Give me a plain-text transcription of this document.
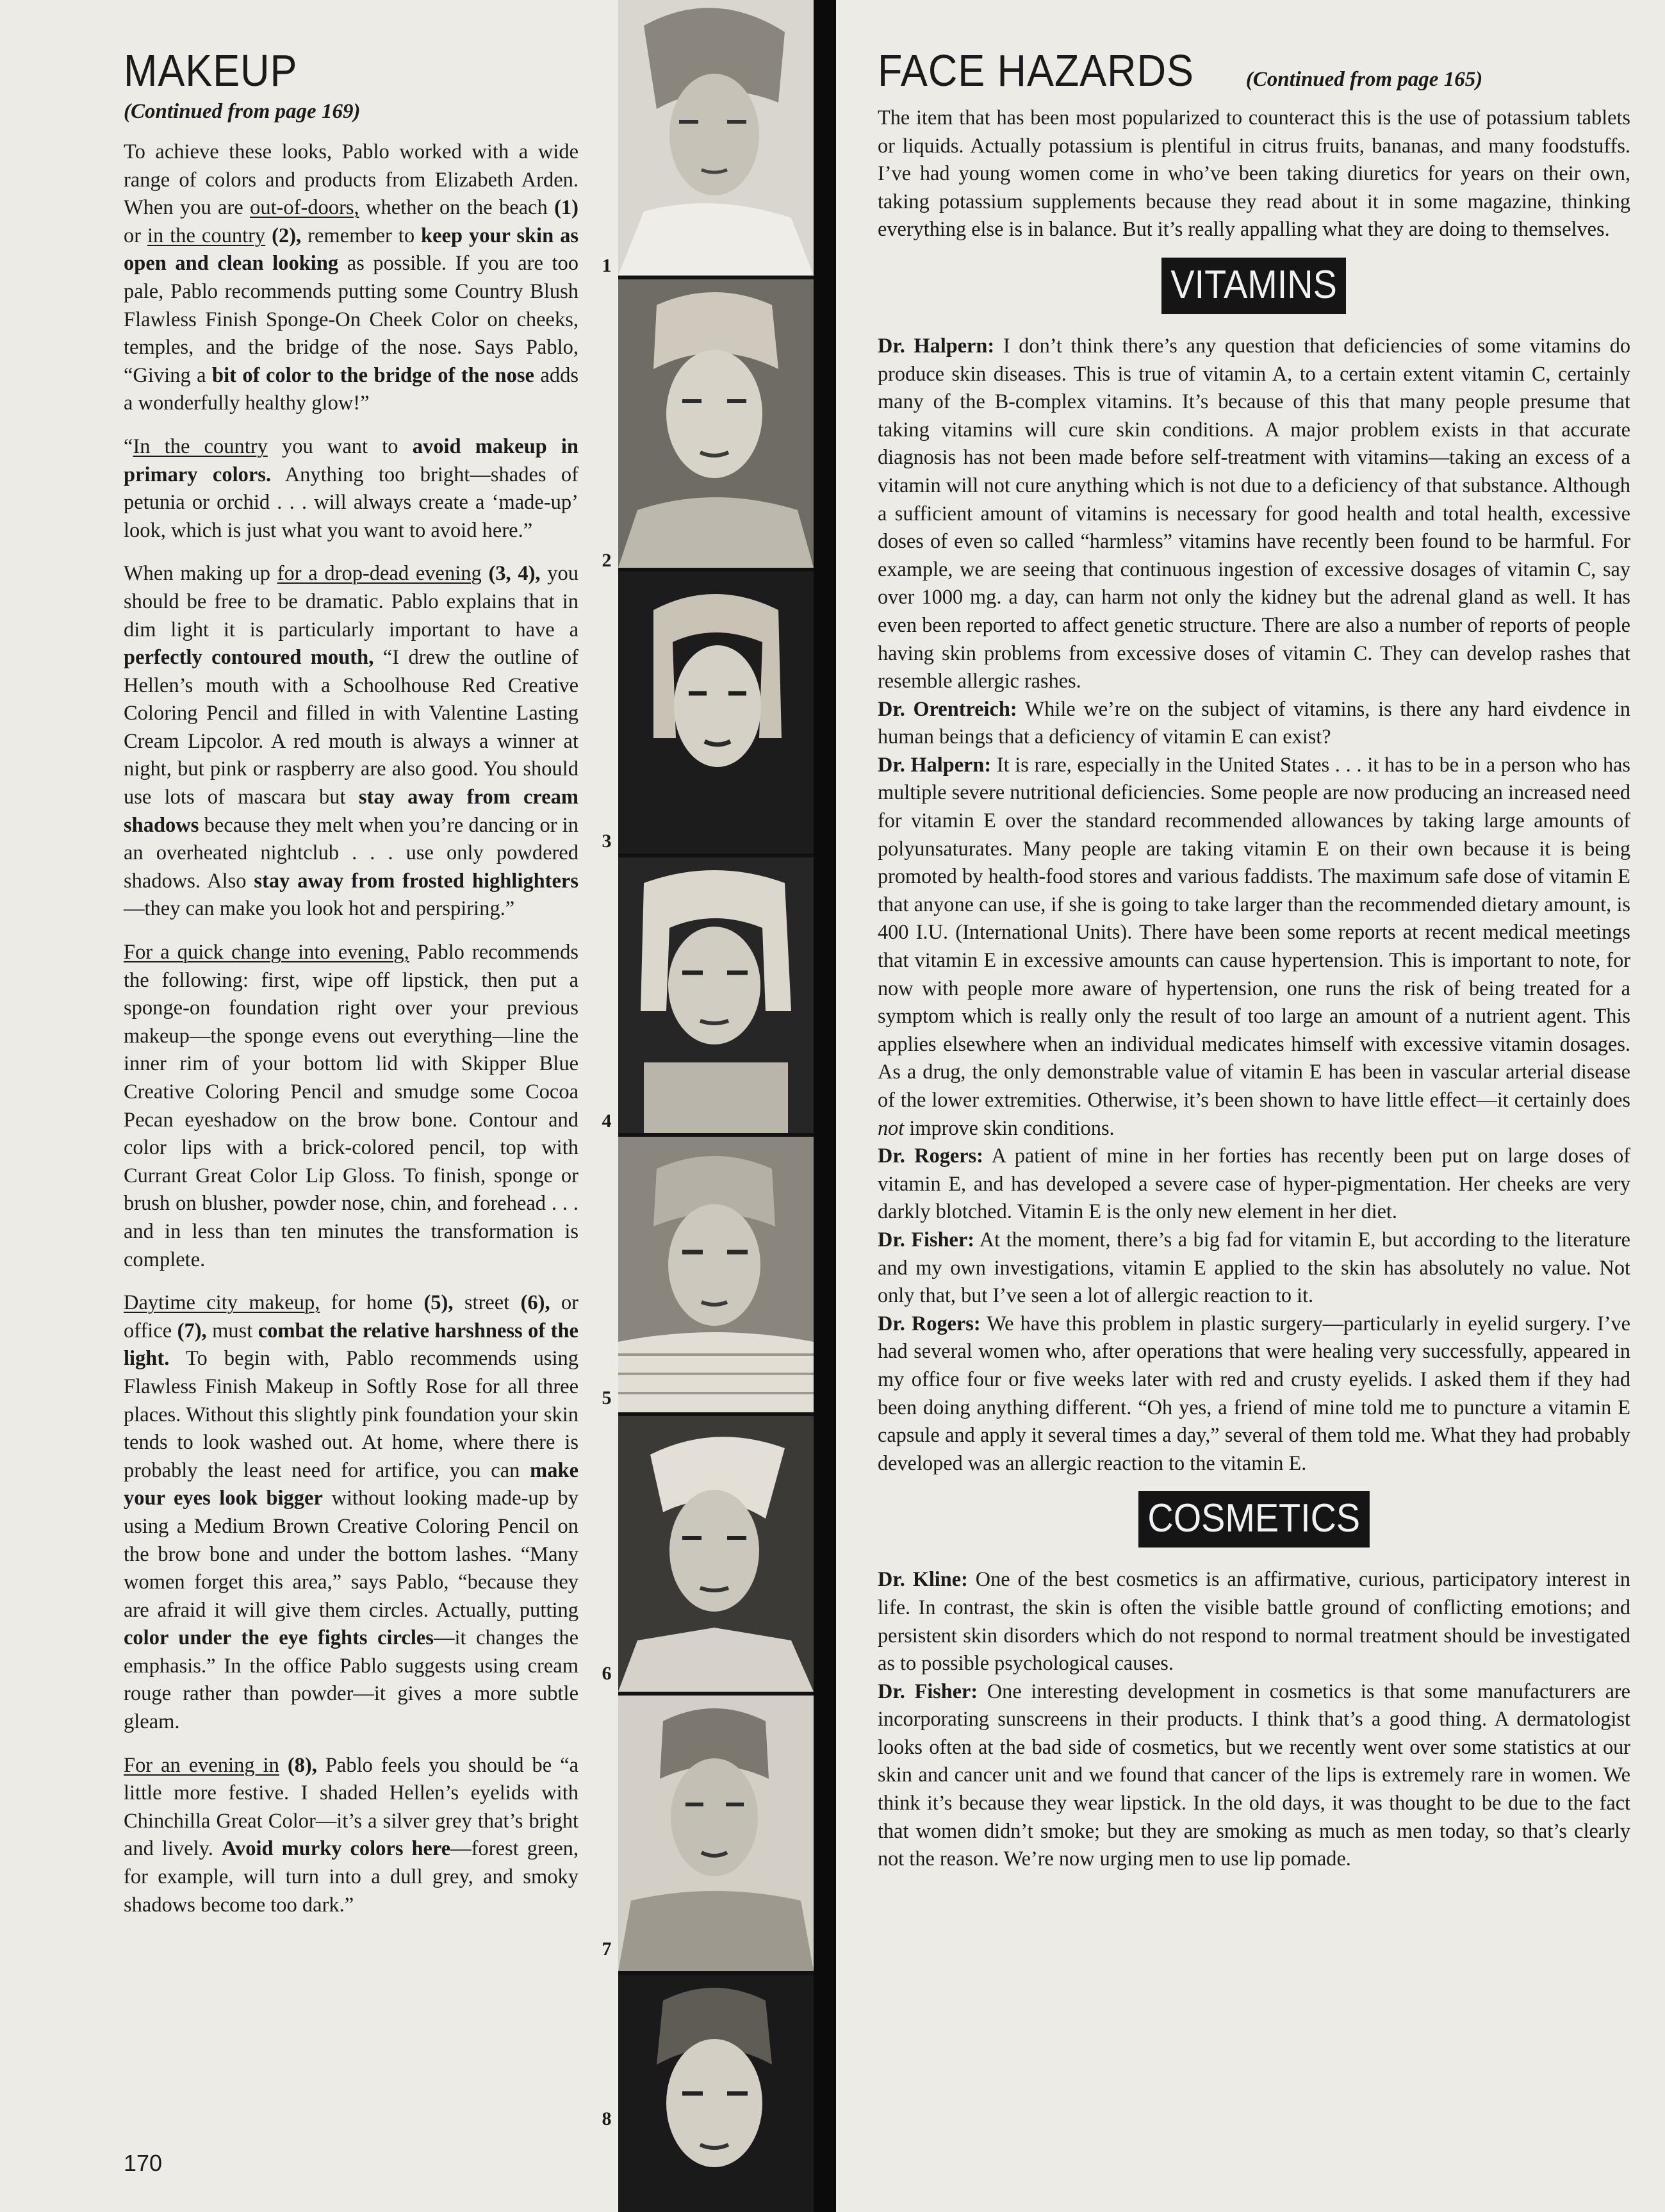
MAKEUP
(Continued from page 169)

To achieve these looks, Pablo worked with a wide range of colors and products from Elizabeth Arden. When you are out-of-doors, whether on the beach (1) or in the country (2), remember to keep your skin as open and clean looking as possible. If you are too pale, Pablo recommends putting some Country Blush Flawless Finish Sponge-On Cheek Color on cheeks, temples, and the bridge of the nose. Says Pablo, “Giving a bit of color to the bridge of the nose adds a wonderfully healthy glow!”

“In the country you want to avoid makeup in primary colors. Anything too bright—shades of petunia or orchid . . . will always create a ‘made-up’ look, which is just what you want to avoid here.”

When making up for a drop-dead evening (3, 4), you should be free to be dramatic. Pablo explains that in dim light it is particularly important to have a perfectly contoured mouth, “I drew the outline of Hellen’s mouth with a Schoolhouse Red Creative Coloring Pencil and filled in with Valentine Lasting Cream Lipcolor. A red mouth is always a winner at night, but pink or raspberry are also good. You should use lots of mascara but stay away from cream shadows because they melt when you’re dancing or in an overheated nightclub . . . use only powdered shadows. Also stay away from frosted highlighters—they can make you look hot and perspiring.”

For a quick change into evening, Pablo recommends the following: first, wipe off lipstick, then put a sponge-on foundation right over your previous makeup—the sponge evens out everything—line the inner rim of your bottom lid with Skipper Blue Creative Coloring Pencil and smudge some Cocoa Pecan eyeshadow on the brow bone. Contour and color lips with a brick-colored pencil, top with Currant Great Color Lip Gloss. To finish, sponge or brush on blusher, powder nose, chin, and forehead . . . and in less than ten minutes the transformation is complete.

Daytime city makeup, for home (5), street (6), or office (7), must combat the relative harshness of the light. To begin with, Pablo recommends using Flawless Finish Makeup in Softly Rose for all three places. Without this slightly pink foundation your skin tends to look washed out. At home, where there is probably the least need for artifice, you can make your eyes look bigger without looking made-up by using a Medium Brown Creative Coloring Pencil on the brow bone and under the bottom lashes. “Many women forget this area,” says Pablo, “because they are afraid it will give them circles. Actually, putting color under the eye fights circles—it changes the emphasis.” In the office Pablo suggests using cream rouge rather than powder—it gives a more subtle gleam.

For an evening in (8), Pablo feels you should be “a little more festive. I shaded Hellen’s eyelids with Chinchilla Great Color—it’s a silver grey that’s bright and lively. Avoid murky colors here—forest green, for example, will turn into a dull grey, and smoky shadows become too dark.”

170
1
2
3
4
5
6
7
8
FACE HAZARDS (Continued from page 165)

The item that has been most popularized to counteract this is the use of potassium tablets or liquids. Actually potassium is plentiful in citrus fruits, bananas, and many foodstuffs. I’ve had young women come in who’ve been taking diuretics for years on their own, taking potassium supplements because they read about it in some magazine, thinking everything else is in balance. But it’s really appalling what they are doing to themselves.

VITAMINS

Dr. Halpern: I don’t think there’s any question that deficiencies of some vitamins do produce skin diseases. This is true of vitamin A, to a certain extent vitamin C, certainly many of the B-complex vitamins. It’s because of this that many people presume that taking vitamins will cure skin conditions. A major problem exists in that accurate diagnosis has not been made before self-treatment with vitamins—taking an excess of a vitamin will not cure anything which is not due to a deficiency of that substance. Although a sufficient amount of vitamins is necessary for good health and total health, excessive doses of even so called “harmless” vitamins have recently been found to be harmful. For example, we are seeing that continuous ingestion of excessive dosages of vitamin C, say over 1000 mg. a day, can harm not only the kidney but the adrenal gland as well. It has even been reported to affect genetic structure. There are also a number of reports of people having skin problems from excessive doses of vitamin C. They can develop rashes that resemble allergic rashes.

Dr. Orentreich: While we’re on the subject of vitamins, is there any hard eivdence in human beings that a deficiency of vitamin E can exist?

Dr. Halpern: It is rare, especially in the United States . . . it has to be in a person who has multiple severe nutritional deficiencies. Some people are now producing an increased need for vitamin E over the standard recommended allowances by taking large amounts of polyunsaturates. Many people are taking vitamin E on their own because it is being promoted by health-food stores and various faddists. The maximum safe dose of vitamin E that anyone can use, if she is going to take larger than the recommended dietary amount, is 400 I.U. (International Units). There have been some reports at recent medical meetings that vitamin E in excessive amounts can cause hypertension. This is important to note, for now with people more aware of hypertension, one runs the risk of being treated for a symptom which is really only the result of too large an amount of a nutrient agent. This applies elsewhere when an individual medicates himself with excessive vitamin dosages. As a drug, the only demonstrable value of vitamin E has been in vascular arterial disease of the lower extremities. Otherwise, it’s been shown to have little effect—it certainly does not improve skin conditions.

Dr. Rogers: A patient of mine in her forties has recently been put on large doses of vitamin E, and has developed a severe case of hyper-pigmentation. Her cheeks are very darkly blotched. Vitamin E is the only new element in her diet.

Dr. Fisher: At the moment, there’s a big fad for vitamin E, but according to the literature and my own investigations, vitamin E applied to the skin has absolutely no value. Not only that, but I’ve seen a lot of allergic reaction to it.

Dr. Rogers: We have this problem in plastic surgery—particularly in eyelid surgery. I’ve had several women who, after operations that were healing very successfully, appeared in my office four or five weeks later with red and crusty eyelids. I asked them if they had been doing anything different. “Oh yes, a friend of mine told me to puncture a vitamin E capsule and apply it several times a day,” several of them told me. What they had probably developed was an allergic reaction to the vitamin E.

COSMETICS

Dr. Kline: One of the best cosmetics is an affirmative, curious, participatory interest in life. In contrast, the skin is often the visible battle ground of conflicting emotions; and persistent skin disorders which do not respond to normal treatment should be investigated as to possible psychological causes.

Dr. Fisher: One interesting development in cosmetics is that some manufacturers are incorporating sunscreens in their products. I think that’s a good thing. A dermatologist looks often at the bad side of cosmetics, but we recently went over some statistics at our skin and cancer unit and we found that cancer of the lips is extremely rare in women. We think it’s because they wear lipstick. In the old days, it was thought to be due to the fact that women didn’t smoke; but they are smoking as much as men today, so that’s clearly not the reason. We’re now urging men to use lip pomade.
